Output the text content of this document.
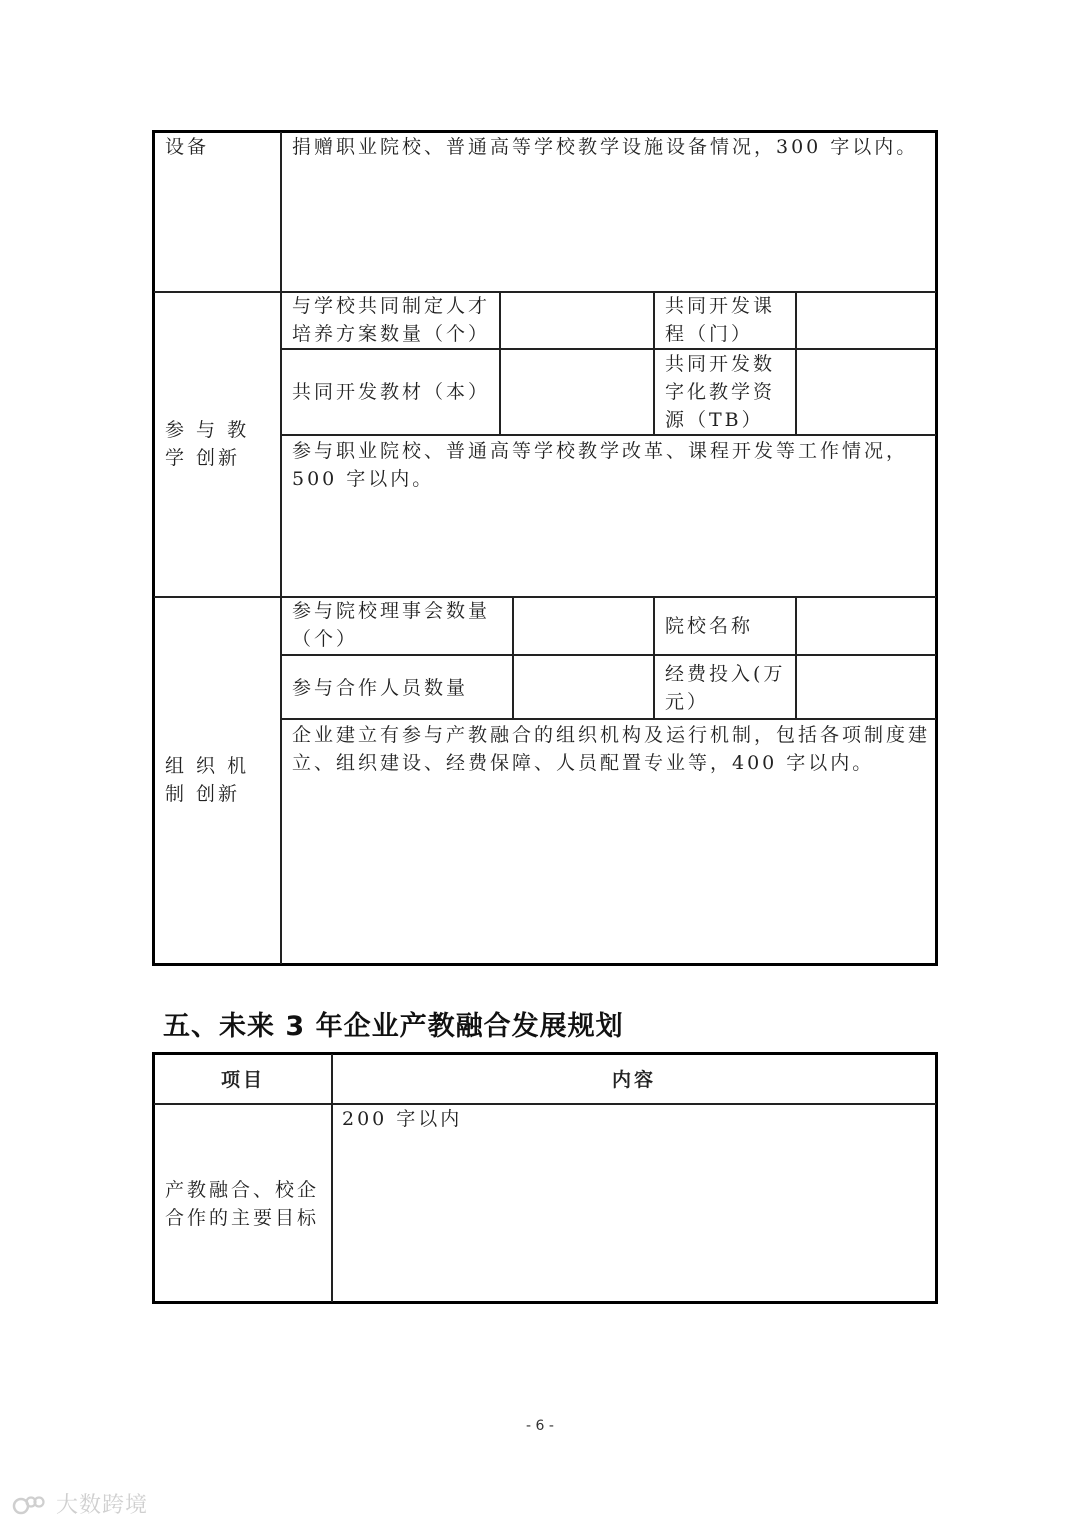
设备	捐赠职业院校、普通高等学校教学设施设备情况，300 字以内。
参 与 教 学 创新
与学校共同制定人才培养方案数量（个）
共同开发课程（门）
共同开发教材（本）
共同开发数字化教学资源（TB）
参与职业院校、普通高等学校教学改革、课程开发等工作情况， 500 字以内。
组 织 机 制 创新
参与院校理事会数量（个）
院校名称
参与合作人员数量
经费投入(万元）
企业建立有参与产教融合的组织机构及运行机制，包括各项制度建立、组织建设、经费保障、人员配置专业等，400 字以内。
五、未来 3 年企业产教融合发展规划
项目	内容
产教融合、校企合作的主要目标
200 字以内
- 6 -
大数跨境
